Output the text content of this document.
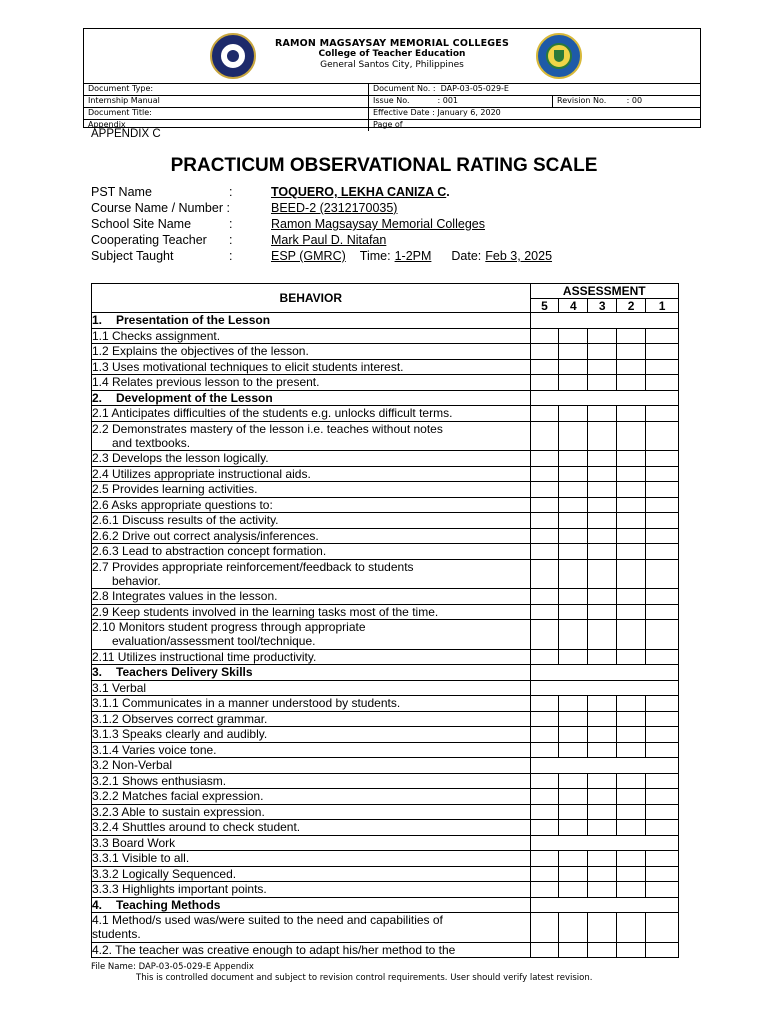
RAMON MAGSAYSAY MEMORIAL COLLEGES
College of Teacher Education
General Santos City, Philippines
Document Type:	Document No. : DAP-03-05-029-E	
Internship Manual	Issue No. : 001	Revision No. : 00
Document Title:	Effective Date : January 6, 2020	
Appendix	Page of	
APPENDIX C
PRACTICUM OBSERVATIONAL RATING SCALE
PST Name	:	TOQUERO, LEKHA CANIZA C.
Course Name / Number :	BEED-2 (2312170035)
School Site Name	:	Ramon Magsaysay Memorial Colleges
Cooperating Teacher	:	Mark Paul D. Nitafan
Subject Taught	:	ESP (GMRC) Time: 1-2PM Date: Feb 3, 2025
BEHAVIOR	ASSESSMENT				
	5	4	3	2	1
1. Presentation of the Lesson					
1.1 Checks assignment.					
1.2 Explains the objectives of the lesson.					
1.3 Uses motivational techniques to elicit students interest.					
1.4 Relates previous lesson to the present.					
2. Development of the Lesson					
2.1 Anticipates difficulties of the students e.g. unlocks difficult terms.					
2.2 Demonstrates mastery of the lesson i.e. teaches without notes
and textbooks.					

2.3 Develops the lesson logically.					
2.4 Utilizes appropriate instructional aids.					
2.5 Provides learning activities.					
2.6 Asks appropriate questions to:					
2.6.1 Discuss results of the activity.					
2.6.2 Drive out correct analysis/inferences.					
2.6.3 Lead to abstraction concept formation.					
2.7 Provides appropriate reinforcement/feedback to students
behavior.					

2.8 Integrates values in the lesson.					
2.9 Keep students involved in the learning tasks most of the time.					
2.10 Monitors student progress through appropriate
evaluation/assessment tool/technique.					

2.11 Utilizes instructional time productivity.					
3. Teachers Delivery Skills					
3.1 Verbal					
3.1.1 Communicates in a manner understood by students.					
3.1.2 Observes correct grammar.					
3.1.3 Speaks clearly and audibly.					
3.1.4 Varies voice tone.					
3.2 Non-Verbal					
3.2.1 Shows enthusiasm.					
3.2.2 Matches facial expression.					
3.2.3 Able to sustain expression.					
3.2.4 Shuttles around to check student.					
3.3 Board Work					
3.3.1 Visible to all.					
3.3.2 Logically Sequenced.					
3.3.3 Highlights important points.					
4. Teaching Methods					
4.1 Method/s used was/were suited to the need and capabilities of
students.					

4.2. The teacher was creative enough to adapt his/her method to the					
File Name: DAP-03-05-029-E Appendix
This is controlled document and subject to revision control requirements. User should verify latest revision.
